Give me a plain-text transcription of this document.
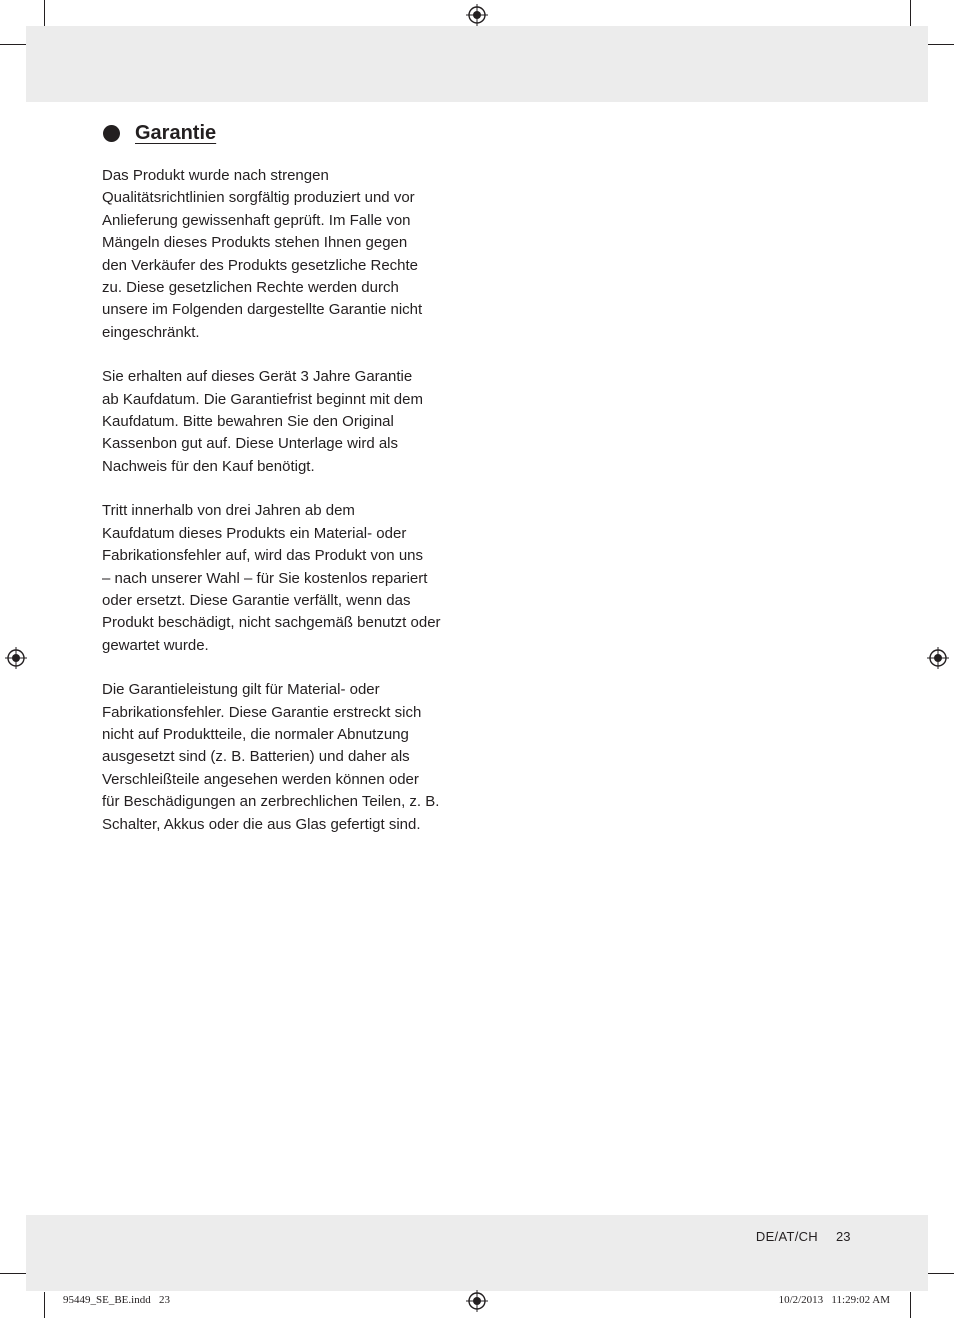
Garantie

Das Produkt wurde nach strengen
Qualitätsrichtlinien sorgfältig produziert und vor
Anlieferung gewissenhaft geprüft. Im Falle von
Mängeln dieses Produkts stehen Ihnen gegen
den Verkäufer des Produkts gesetzliche Rechte
zu. Diese gesetzlichen Rechte werden durch
unsere im Folgenden dargestellte Garantie nicht
eingeschränkt.

Sie erhalten auf dieses Gerät 3 Jahre Garantie
ab Kaufdatum. Die Garantiefrist beginnt mit dem
Kaufdatum. Bitte bewahren Sie den Original
Kassenbon gut auf. Diese Unterlage wird als
Nachweis für den Kauf benötigt.

Tritt innerhalb von drei Jahren ab dem
Kaufdatum dieses Produkts ein Material- oder
Fabrikationsfehler auf, wird das Produkt von uns
– nach unserer Wahl – für Sie kostenlos repariert
oder ersetzt. Diese Garantie verfällt, wenn das
Produkt beschädigt, nicht sachgemäß benutzt oder
gewartet wurde.

Die Garantieleistung gilt für Material- oder
Fabrikationsfehler. Diese Garantie erstreckt sich
nicht auf Produktteile, die normaler Abnutzung
ausgesetzt sind (z. B. Batterien) und daher als
Verschleißteile angesehen werden können oder
für Beschädigungen an zerbrechlichen Teilen, z. B.
Schalter, Akkus oder die aus Glas gefertigt sind.

DE/AT/CH 23
95449_SE_BE.indd   23	10/2/2013   11:29:02 AM
